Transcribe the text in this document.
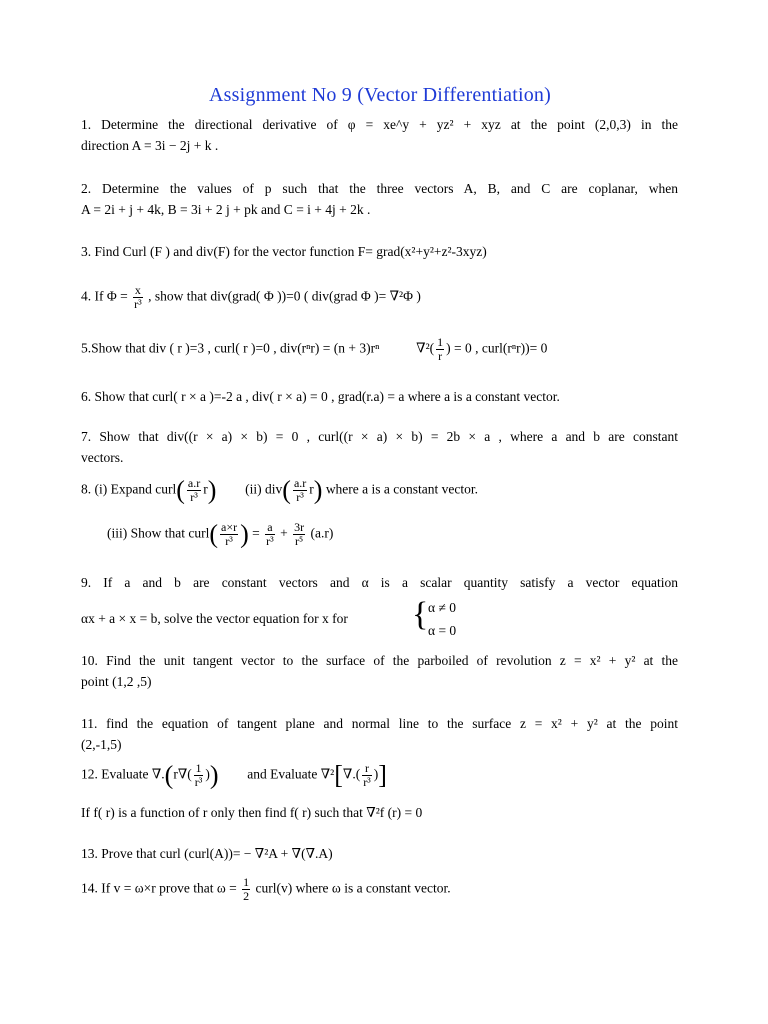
Assignment No 9 (Vector Differentiation)
1. Determine the directional derivative of φ = xe^y + yz² + xyz at the point (2,0,3) in the
direction A = 3i − 2j + k .
2. Determine the values of p such that the three vectors A, B, and C are coplanar, when
A = 2i + j + 4k, B = 3i + 2 j + pk and C = i + 4j + 2k .
3. Find Curl (F ) and div(F) for the vector function F= grad(x²+y²+z²-3xyz)
4. If $\Phi = \frac{x}{\text{r³}}$ , show that div(grad( Φ ))=0 ( div(grad Φ )= ∇²Φ )
5.Show that div ( r )=3 , curl( r )=0 , div(rⁿr) = (n + 3)rⁿ	$\nabla^2( \frac{1}{r}$ ) = 0 , curl(rⁿr))= 0
6. Show that curl( r × a )=-2 a , div( r × a) = 0 , grad(r.a) = a where a is a constant vector.
7. Show that div((r × a) × b) = 0 , curl((r × a) × b) = 2b × a , where a and b are constant
vectors.
8. (i) Expand curl( $\frac{a.r}{\text{r³}} r$) (ii) $div( \frac{a.r}{\text{r³}} r)$ where a is a constant vector.
(iii) Show that curl( $\frac{a\times r}{\text{r³}}$ ) = $\frac{a}{\text{r³}} + \frac{3r}{\text{r⁵}} (a.r)$
9. If a and b are constant vectors and α is a scalar quantity satisfy a vector equation
αx + a × x = b, solve the vector equation for x for { α ≠ 0
α = 0
10. Find the unit tangent vector to the surface of the parboiled of revolution z = x² + y² at the
point (1,2 ,5)
11. find the equation of tangent plane and normal line to the surface z = x² + y² at the point
(2,-1,5)
12. Evaluate $\nabla.(r\nabla( \frac{1}{\text{r³}}$ )) and Evaluate $\nabla^2[\nabla.( \frac{r}{\text{r³}}$ )]
If f( r) is a function of r only then find f( r) such that ∇²f (r) = 0
13. Prove that curl (curl(A))= − ∇²A + ∇(∇.A)
14. If v = ω×r prove that $\omega = \frac{1}{2}$ curl(v) where ω is a constant vector.
